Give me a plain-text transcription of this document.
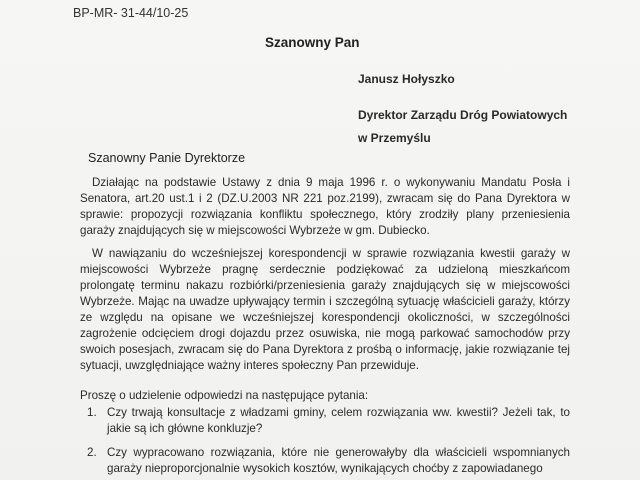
BP-MR- 31-44/10-25
Szanowny Pan
Janusz Hołyszko
Dyrektor Zarządu Dróg Powiatowych
w Przemyślu
Szanowny Panie Dyrektorze
Działając na podstawie Ustawy z dnia 9 maja 1996 r. o wykonywaniu Mandatu Posła i Senatora, art.20 ust.1 i 2 (DZ.U.2003 NR 221 poz.2199), zwracam się do Pana Dyrektora w sprawie: propozycji rozwiązania konfliktu społecznego, który zrodziły plany przeniesienia garaży znajdujących się w miejscowości Wybrzeże w gm. Dubiecko.
W nawiązaniu do wcześniejszej korespondencji w sprawie rozwiązania kwestii garaży w miejscowości Wybrzeże pragnę serdecznie podziękować za udzieloną mieszkańcom prolongatę terminu nakazu rozbiórki/przeniesienia garaży znajdujących się w miejscowości Wybrzeże. Mając na uwadze upływający termin i szczególną sytuację właścicieli garaży, którzy ze względu na opisane we wcześniejszej korespondencji okoliczności, w szczególności zagrożenie odcięciem drogi dojazdu przez osuwiska, nie mogą parkować samochodów przy swoich posesjach, zwracam się do Pana Dyrektora z prośbą o informację, jakie rozwiązanie tej sytuacji, uwzględniające ważny interes społeczny Pan przewiduje.
Proszę o udzielenie odpowiedzi na następujące pytania:
1. Czy trwają konsultacje z władzami gminy, celem rozwiązania ww. kwestii? Jeżeli tak, to jakie są ich główne konkluzje?
2. Czy wypracowano rozwiązania, które nie generowałyby dla właścicieli wspomnianych garaży nieproporcjonalnie wysokich kosztów, wynikających choćby z zapowiadanego
